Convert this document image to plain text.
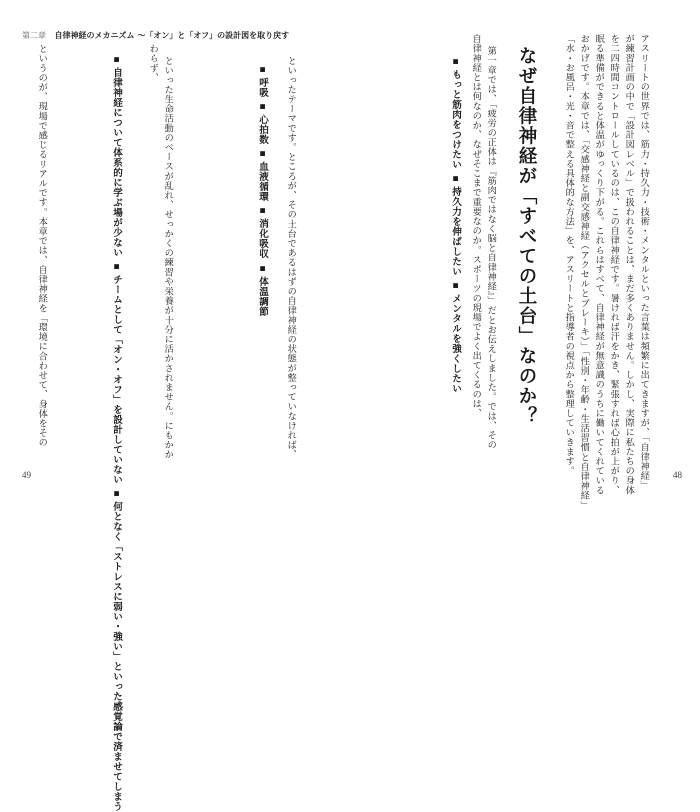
第二章 自律神経のメカニズム ～「オン」と「オフ」の設計図を取り戻す	アスリートの世界では、筋力・持久力・技術・メンタルといった言葉は頻繁に出てきますが、「自律神経」
が練習計画の中で「設計図レベル」で扱われることは、まだ多くありません。しかし、実際に私たちの身体
を二四時間コントロールしているのは、この自律神経です。暑ければ汗をかき、緊張すれば心拍が上がり、
眠る準備ができると体温がゆっくり下がる。これらはすべて、自律神経が無意識のうちに働いてくれている
おかげです。本章では、「交感神経と副交感神経（アクセルとブレーキ）」「性別・年齢・生活習慣と自律神経」
「水・お風呂・光・音で整える具体的な方法」を、アスリートと指導者の視点から整理していきます。
なぜ自律神経が「すべての土台」なのか？
第一章では、「疲労の正体は『筋肉ではなく脳と自律神経』」だとお伝えしました。では、その
自律神経とは何なのか、なぜそこまで重要なのか。スポーツの現場でよく出てくるのは、
▪もっと筋肉をつけたい ▪持久力を伸ばしたい ▪メンタルを強くしたい
といったテーマです。ところが、その土台であるはずの自律神経の状態が整っていなければ、
▪呼吸 ▪心拍数 ▪血液循環 ▪消化吸収 ▪体温調節
といった生命活動のベースが乱れ、せっかくの練習や栄養が十分に活かされません。にもかか
わらず、
▪自律神経について体系的に学ぶ場が少ない ▪チームとして「オン・オフ」を設計していない ▪何となく「ストレスに弱い・強い」といった感覚論で済ませてしまう
というのが、現場で感じるリアルです。本章では、自律神経を「環境に合わせて、身体をその
49	48
